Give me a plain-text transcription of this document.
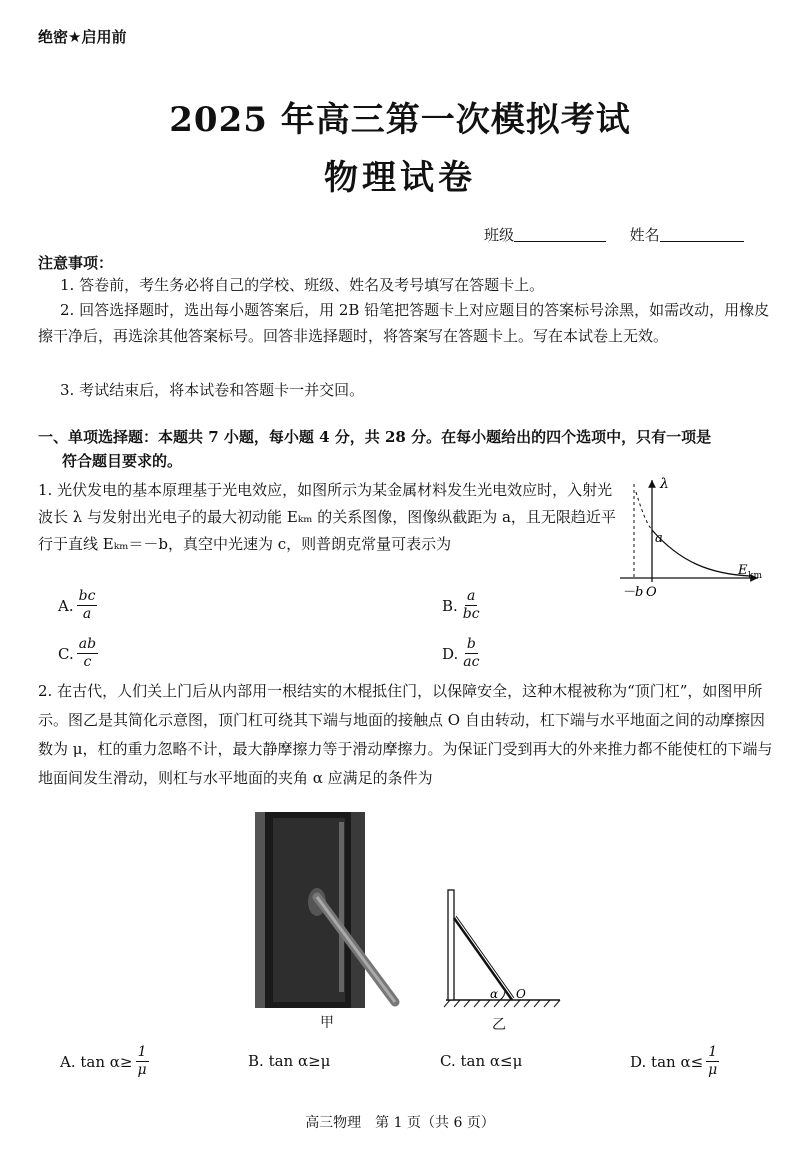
绝密★启用前
2025 年高三第一次模拟考试
物理试卷
班级	姓名
注意事项：
1. 答卷前，考生务必将自己的学校、班级、姓名及考号填写在答题卡上。
2. 回答选择题时，选出每小题答案后，用 2B 铅笔把答题卡上对应题目的答案标号涂黑，如需改动，用橡皮擦干净后，再选涂其他答案标号。回答非选择题时，将答案写在答题卡上。写在本试卷上无效。
3. 考试结束后，将本试卷和答题卡一并交回。
一、单项选择题：本题共 7 小题，每小题 4 分，共 28 分。在每小题给出的四个选项中，只有一项是
符合题目要求的。
1. 光伏发电的基本原理基于光电效应，如图所示为某金属材料发生光电效应时，入射光波长 λ 与发射出光电子的最大初动能 Eₖₘ 的关系图像，图像纵截距为 a，且无限趋近平行于直线 Eₖₘ＝－b，真空中光速为 c，则普朗克常量可表示为
λ
a
E km
－b O
A. $\frac{bc}{a}$	B. $\frac{a}{bc}$
C. $\frac{ab}{c}$	D. $\frac{b}{ac}$
2. 在古代，人们关上门后从内部用一根结实的木棍抵住门，以保障安全，这种木棍被称为“顶门杠”，如图甲所示。图乙是其简化示意图，顶门杠可绕其下端与地面的接触点 O 自由转动，杠下端与水平地面之间的动摩擦因数为 μ，杠的重力忽略不计，最大静摩擦力等于滑动摩擦力。为保证门受到再大的外来推力都不能使杠的下端与地面间发生滑动，则杠与水平地面的夹角 α 应满足的条件为
甲
α O
乙
A.
$\tan \alpha\ge \frac{1}{\mu}$	B.
tan α≥μ	C.
tan α≤μ	D.
$\tan \alpha\le \frac{1}{\mu}$
高三物理　第 1 页（共 6 页）
